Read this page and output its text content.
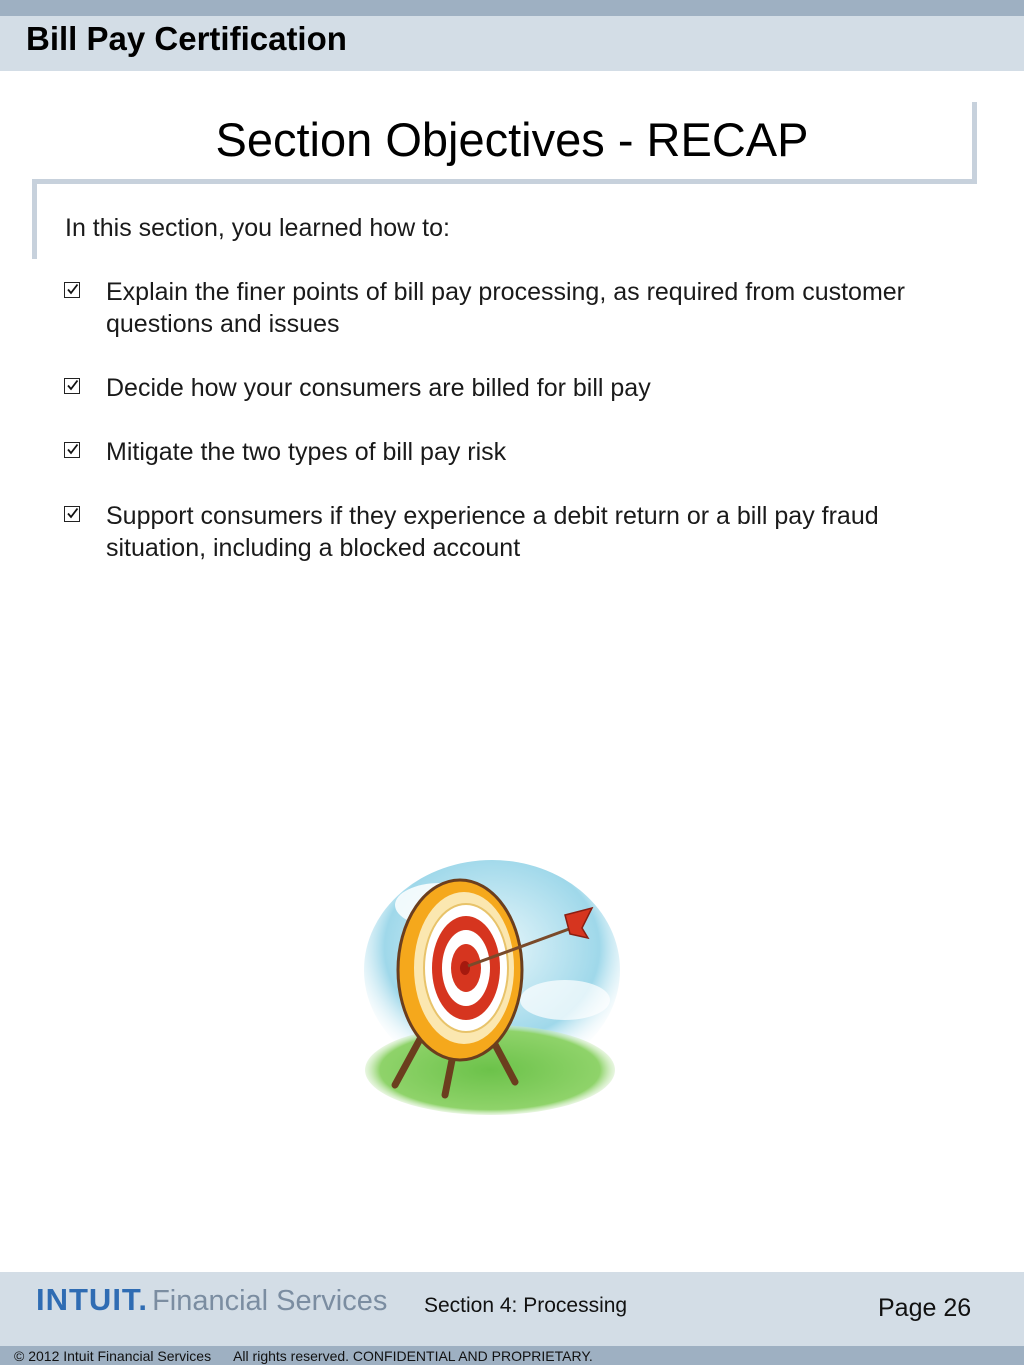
Bill Pay Certification
Section Objectives - RECAP
In this section, you learned how to:
Explain the finer points of bill pay processing, as required from customer
questions and issues
Decide how your consumers are billed for bill pay
Mitigate the two types of bill pay risk
Support consumers if they experience a debit return or a bill pay fraud
situation, including a blocked account
INTUIT. Financial Services Section 4: Processing	Page 26
© 2012 Intuit Financial Services All rights reserved. CONFIDENTIAL AND PROPRIETARY.
